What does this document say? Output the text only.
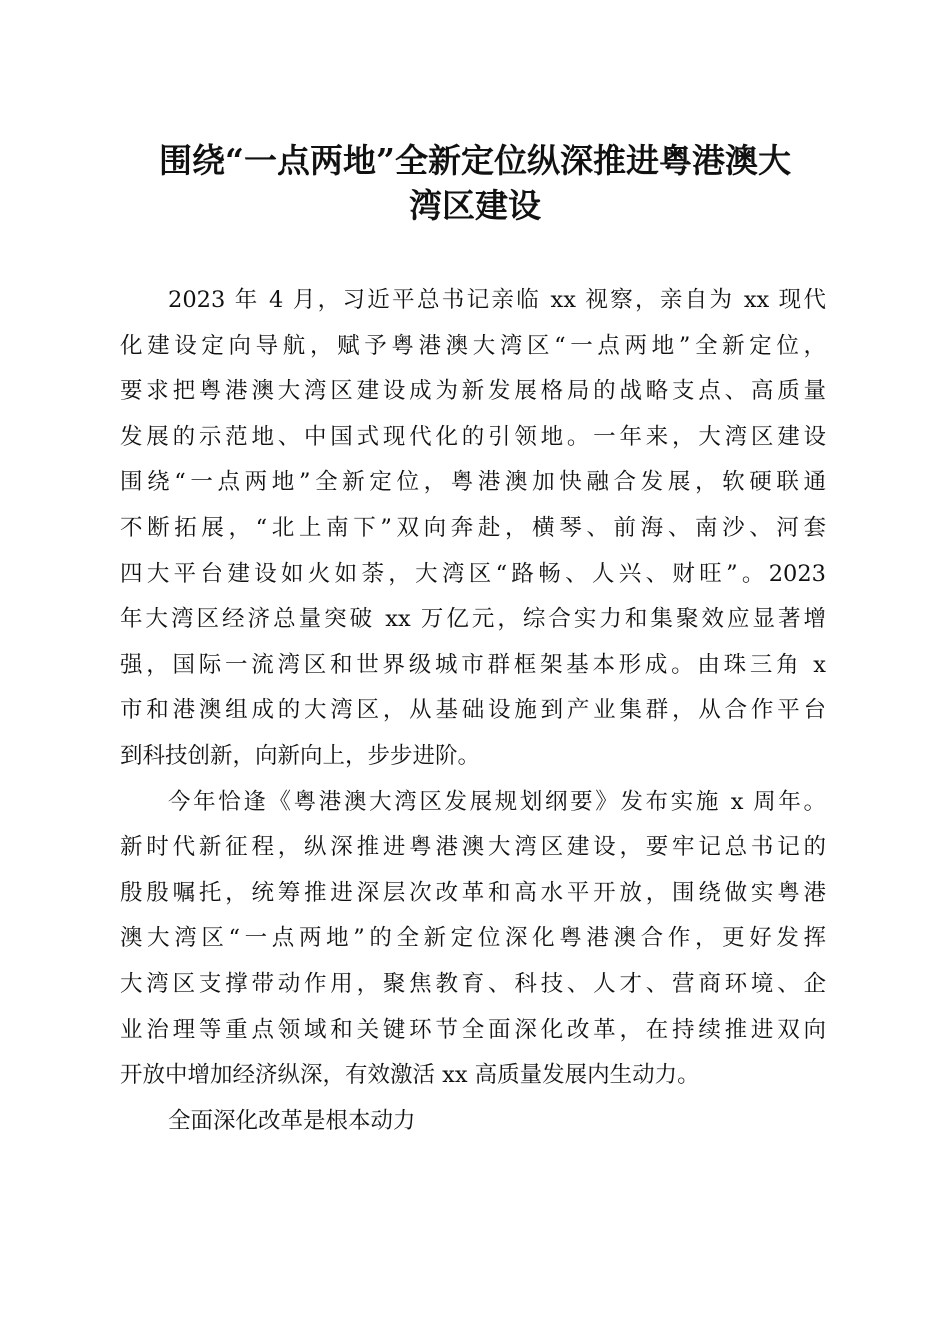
围绕“一点两地”全新定位纵深推进粤港澳大
湾区建设
2023 年 4 月，习近平总书记亲临 xx 视察，亲自为 xx 现代
化建设定向导航，赋予粤港澳大湾区“一点两地”全新定位，
要求把粤港澳大湾区建设成为新发展格局的战略支点、高质量
发展的示范地、中国式现代化的引领地。一年来，大湾区建设
围绕“一点两地”全新定位，粤港澳加快融合发展，软硬联通
不断拓展，“北上南下”双向奔赴，横琴、前海、南沙、河套
四大平台建设如火如荼，大湾区“路畅、人兴、财旺”。2023
年大湾区经济总量突破 xx 万亿元，综合实力和集聚效应显著增
强，国际一流湾区和世界级城市群框架基本形成。由珠三角 x
市和港澳组成的大湾区，从基础设施到产业集群，从合作平台
到科技创新，向新向上，步步进阶。
今年恰逢《粤港澳大湾区发展规划纲要》发布实施 x 周年。
新时代新征程，纵深推进粤港澳大湾区建设，要牢记总书记的
殷殷嘱托，统筹推进深层次改革和高水平开放，围绕做实粤港
澳大湾区“一点两地”的全新定位深化粤港澳合作，更好发挥
大湾区支撑带动作用，聚焦教育、科技、人才、营商环境、企
业治理等重点领域和关键环节全面深化改革，在持续推进双向
开放中增加经济纵深，有效激活 xx 高质量发展内生动力。
全面深化改革是根本动力
